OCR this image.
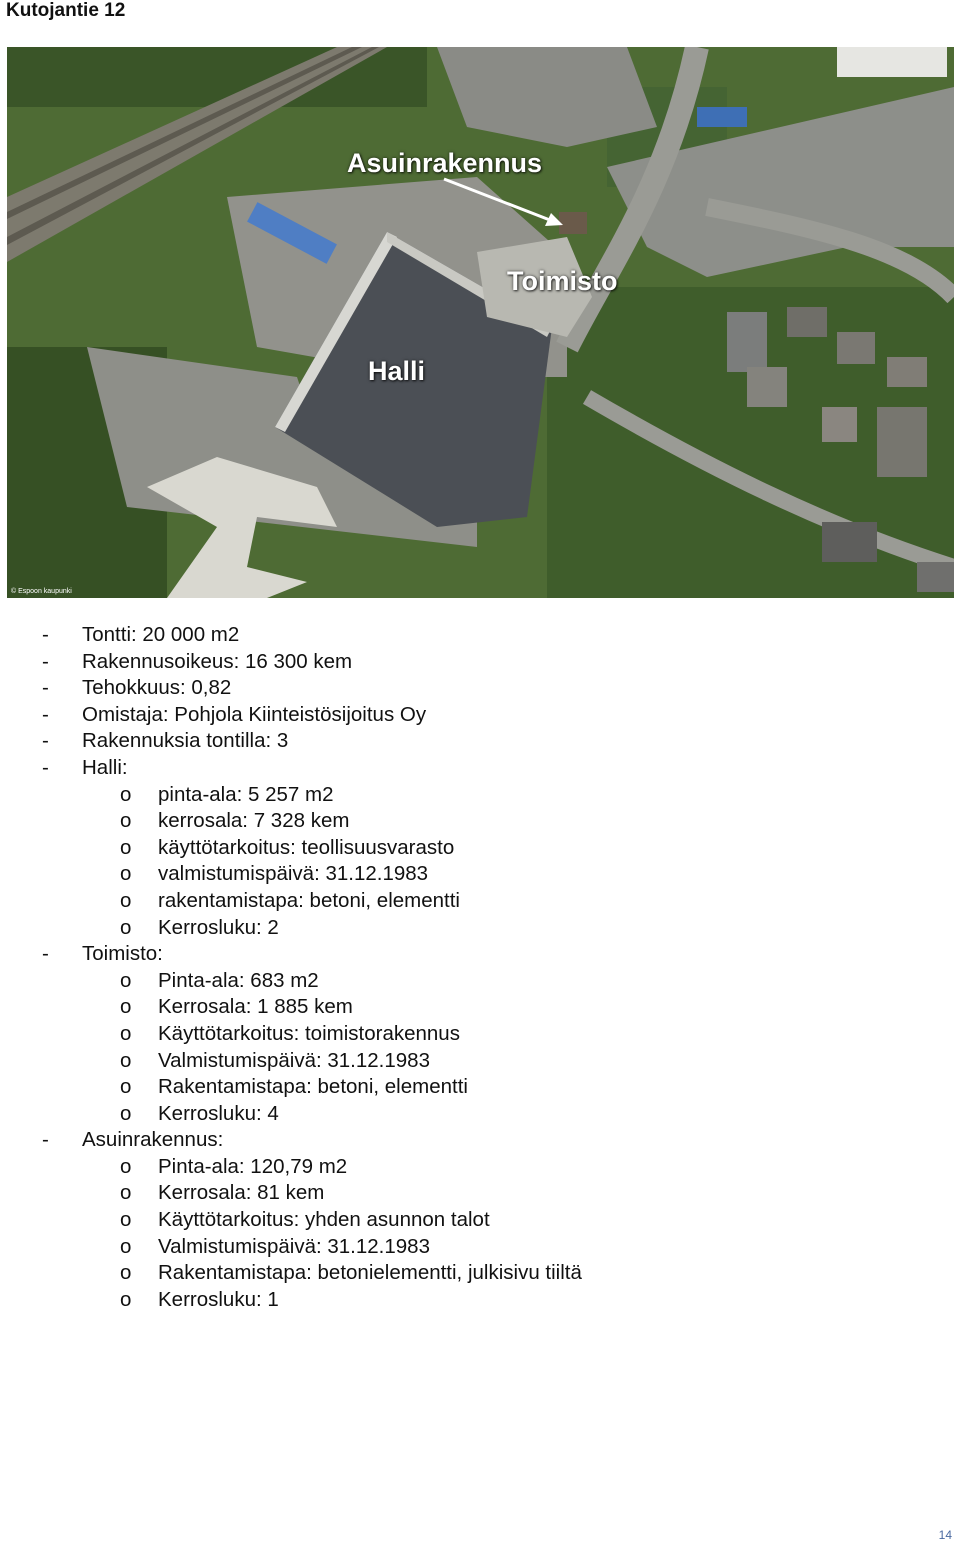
Kutojantie 12
Asuinrakennus
Toimisto
Halli
© Espoon kaupunki
- Tontti: 20 000 m2
- Rakennusoikeus: 16 300 kem
- Tehokkuus: 0,82
- Omistaja: Pohjola Kiinteistösijoitus Oy
- Rakennuksia tontilla: 3
- Halli:
o pinta-ala: 5 257 m2
o kerrosala: 7 328 kem
o käyttötarkoitus: teollisuusvarasto
o valmistumispäivä: 31.12.1983
o rakentamistapa: betoni, elementti
o Kerrosluku: 2
- Toimisto:
o Pinta-ala: 683 m2
o Kerrosala: 1 885 kem
o Käyttötarkoitus: toimistorakennus
o Valmistumispäivä: 31.12.1983
o Rakentamistapa: betoni, elementti
o Kerrosluku: 4
- Asuinrakennus:
o Pinta-ala: 120,79 m2
o Kerrosala: 81 kem
o Käyttötarkoitus: yhden asunnon talot
o Valmistumispäivä: 31.12.1983
o Rakentamistapa: betonielementti, julkisivu tiiltä
o Kerrosluku: 1
14
